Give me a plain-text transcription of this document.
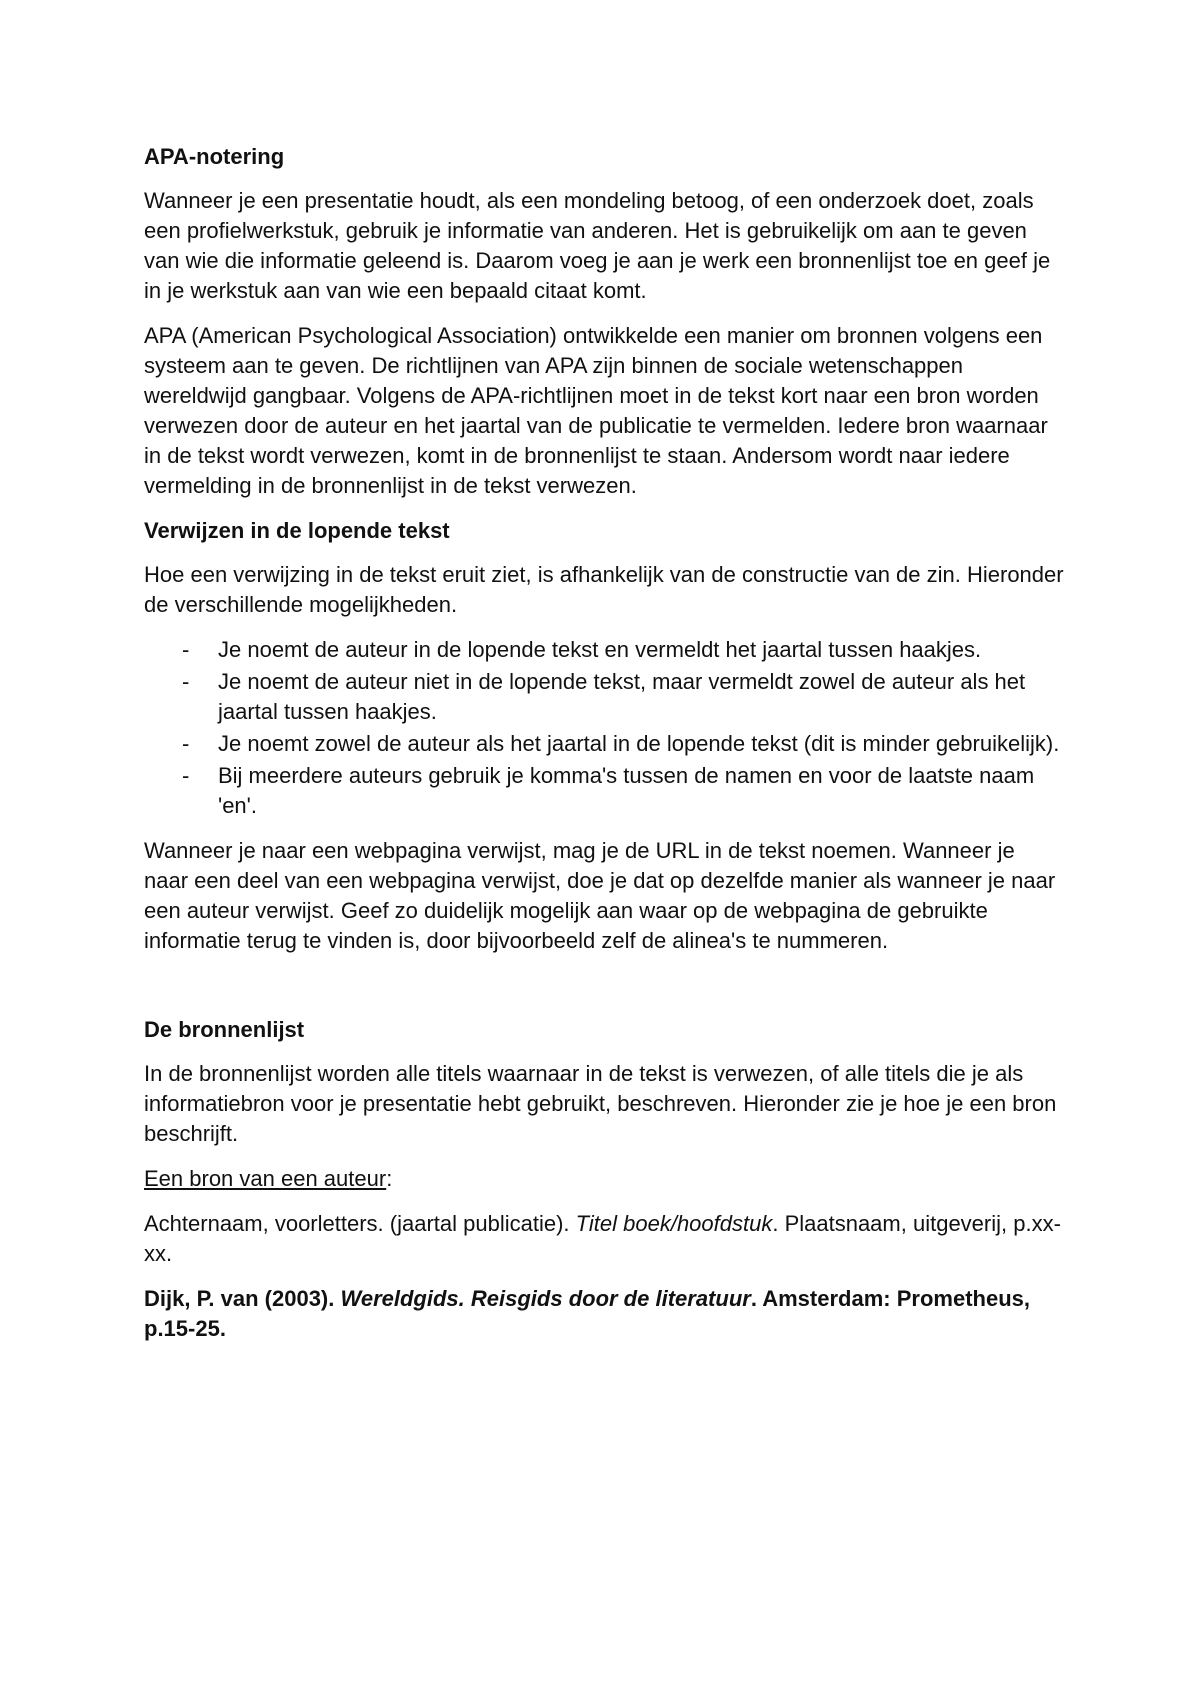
APA-notering

Wanneer je een presentatie houdt, als een mondeling betoog, of een onderzoek doet, zoals een profielwerkstuk, gebruik je informatie van anderen. Het is gebruikelijk om aan te geven van wie die informatie geleend is. Daarom voeg je aan je werk een bronnenlijst toe en geef je in je werkstuk aan van wie een bepaald citaat komt.

APA (American Psychological Association) ontwikkelde een manier om bronnen volgens een systeem aan te geven. De richtlijnen van APA zijn binnen de sociale wetenschappen wereldwijd gangbaar. Volgens de APA-richtlijnen moet in de tekst kort naar een bron worden verwezen door de auteur en het jaartal van de publicatie te vermelden. Iedere bron waarnaar in de tekst wordt verwezen, komt in de bronnenlijst te staan. Andersom wordt naar iedere vermelding in de bronnenlijst in de tekst verwezen.

Verwijzen in de lopende tekst

Hoe een verwijzing in de tekst eruit ziet, is afhankelijk van de constructie van de zin. Hieronder de verschillende mogelijkheden.

- Je noemt de auteur in de lopende tekst en vermeldt het jaartal tussen haakjes.
- Je noemt de auteur niet in de lopende tekst, maar vermeldt zowel de auteur als het jaartal tussen haakjes.
- Je noemt zowel de auteur als het jaartal in de lopende tekst (dit is minder gebruikelijk).
- Bij meerdere auteurs gebruik je komma's tussen de namen en voor de laatste naam 'en'.

Wanneer je naar een webpagina verwijst, mag je de URL in de tekst noemen. Wanneer je naar een deel van een webpagina verwijst, doe je dat op dezelfde manier als wanneer je naar een auteur verwijst. Geef zo duidelijk mogelijk aan waar op de webpagina de gebruikte informatie terug te vinden is, door bijvoorbeeld zelf de alinea's te nummeren.

De bronnenlijst

In de bronnenlijst worden alle titels waarnaar in de tekst is verwezen, of alle titels die je als informatiebron voor je presentatie hebt gebruikt, beschreven. Hieronder zie je hoe je een bron beschrijft.

Een bron van een auteur:

Achternaam, voorletters. (jaartal publicatie). Titel boek/hoofdstuk. Plaatsnaam, uitgeverij, p.xx-xx.

Dijk, P. van (2003). Wereldgids. Reisgids door de literatuur. Amsterdam: Prometheus, p.15-25.
